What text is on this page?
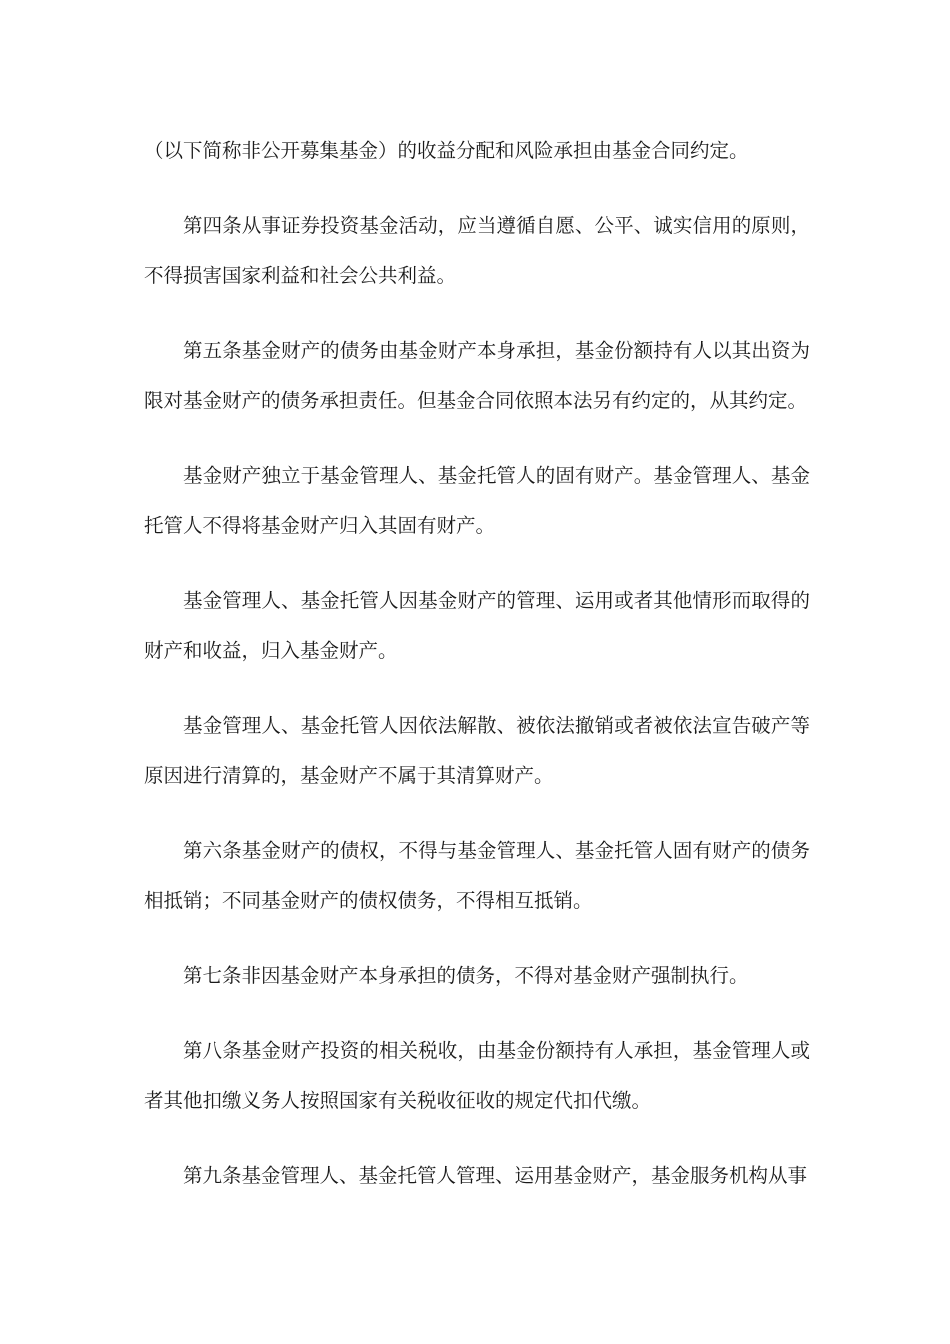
（以下简称非公开募集基金）的收益分配和风险承担由基金合同约定。

第四条从事证券投资基金活动，应当遵循自愿、公平、诚实信用的原则，不得损害国家利益和社会公共利益。

第五条基金财产的债务由基金财产本身承担，基金份额持有人以其出资为限对基金财产的债务承担责任。但基金合同依照本法另有约定的，从其约定。

基金财产独立于基金管理人、基金托管人的固有财产。基金管理人、基金托管人不得将基金财产归入其固有财产。

基金管理人、基金托管人因基金财产的管理、运用或者其他情形而取得的财产和收益，归入基金财产。

基金管理人、基金托管人因依法解散、被依法撤销或者被依法宣告破产等原因进行清算的，基金财产不属于其清算财产。

第六条基金财产的债权，不得与基金管理人、基金托管人固有财产的债务相抵销；不同基金财产的债权债务，不得相互抵销。

第七条非因基金财产本身承担的债务，不得对基金财产强制执行。

第八条基金财产投资的相关税收，由基金份额持有人承担，基金管理人或者其他扣缴义务人按照国家有关税收征收的规定代扣代缴。

第九条基金管理人、基金托管人管理、运用基金财产，基金服务机构从事
